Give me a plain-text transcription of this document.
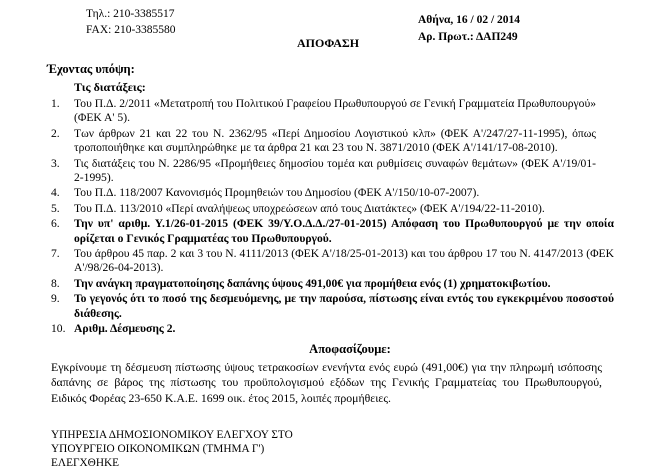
Τηλ.: 210-3385517
FAX: 210-3385580
Αθήνα, 16 / 02 / 2014
Αρ. Πρωτ.: ΔΑΠ249
ΑΠΟΦΑΣΗ
Έχοντας υπόψη:
Τις διατάξεις:
1.	Του Π.Δ. 2/2011 «Μετατροπή του Πολιτικού Γραφείου Πρωθυπουργού σε Γενική Γραμματεία Πρωθυπουργού» (ΦΕΚ Α' 5).
2.	Των άρθρων 21 και 22 του Ν. 2362/95 «Περί Δημοσίου Λογιστικού κλπ» (ΦΕΚ Α'/247/27-11-1995), όπως τροποποιήθηκε και συμπληρώθηκε με τα άρθρα 21 και 23 του Ν. 3871/2010 (ΦΕΚ Α'/141/17-08-2010).
3.	Τις διατάξεις του Ν. 2286/95 «Προμήθειες δημοσίου τομέα και ρυθμίσεις συναφών θεμάτων» (ΦΕΚ Α'/19/01-2-1995).
4.	Του Π.Δ. 118/2007 Κανονισμός Προμηθειών του Δημοσίου (ΦΕΚ Α'/150/10-07-2007).
5.	Του Π.Δ. 113/2010 «Περί αναλήψεως υποχρεώσεων από τους Διατάκτες» (ΦΕΚ Α'/194/22-11-2010).
6.	Την υπ' αριθμ. Υ.1/26-01-2015 (ΦΕΚ 39/Υ.Ο.Δ.Δ./27-01-2015) Απόφαση του Πρωθυπουργού με την οποία ορίζεται ο Γενικός Γραμματέας του Πρωθυπουργού.
7.	Του άρθρου 45 παρ. 2 και 3 του Ν. 4111/2013 (ΦΕΚ Α'/18/25-01-2013) και του άρθρου 17 του Ν. 4147/2013 (ΦΕΚ Α'/98/26-04-2013).
8.	Την ανάγκη πραγματοποίησης δαπάνης ύψους 491,00€ για προμήθεια ενός (1) χρηματοκιβωτίου.
9.	Το γεγονός ότι το ποσό της δεσμευόμενης, με την παρούσα, πίστωσης είναι εντός του εγκεκριμένου ποσοστού διάθεσης.
10. Αριθμ. Δέσμευσης 2.
Αποφασίζουμε:

Εγκρίνουμε τη δέσμευση πίστωσης ύψους τετρακοσίων ενενήντα ενός ευρώ (491,00€) για την πληρωμή ισόποσης δαπάνης σε βάρος της πίστωσης του προϋπολογισμού εξόδων της Γενικής Γραμματείας του Πρωθυπουργού, Ειδικός Φορέας 23-650 Κ.Α.Ε. 1699 οικ. έτος 2015, λοιπές προμήθειες.

ΥΠΗΡΕΣΙΑ ΔΗΜΟΣΙΟΝΟΜΙΚΟΥ ΕΛΕΓΧΟΥ ΣΤΟ
ΥΠΟΥΡΓΕΙΟ ΟΙΚΟΝΟΜΙΚΩΝ (ΤΜΗΜΑ Γ')
ΕΛΕΓΧΘΗΚΕ
